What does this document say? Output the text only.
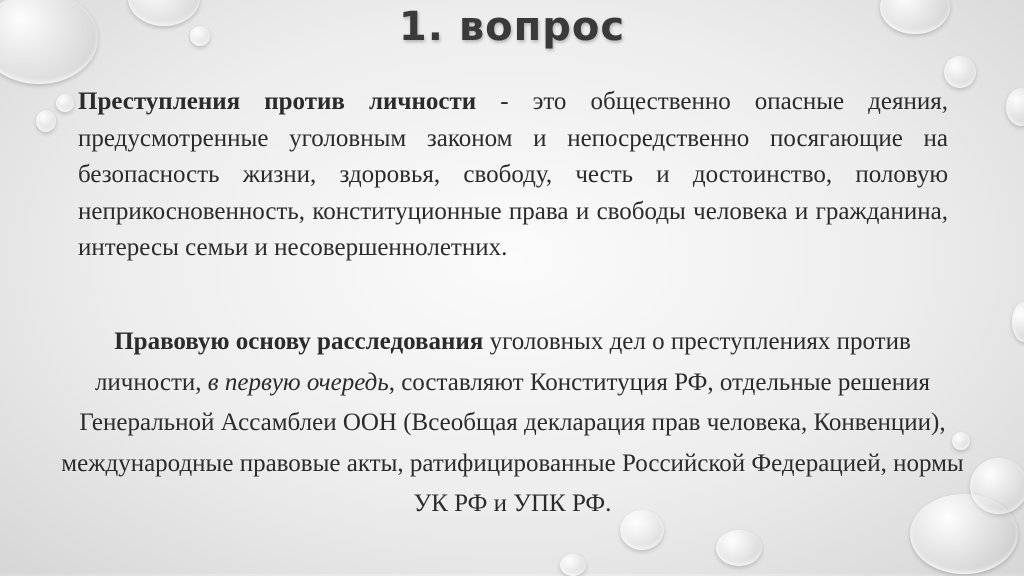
1. вопрос
Преступления против личности - это общественно опасные деяния, предусмотренные уголовным законом и непосредственно посягающие на безопасность жизни, здоровья, свободу, честь и достоинство, половую неприкосновенность, конституционные права и свободы человека и гражданина, интересы семьи и несовершеннолетних.
Правовую основу расследования уголовных дел о преступлениях против личности, в первую очередь, составляют Конституция РФ, отдельные решения Генеральной Ассамблеи ООН (Всеобщая декларация прав человека, Конвенции), международные правовые акты, ратифицированные Российской Федерацией, нормы УК РФ и УПК РФ.
